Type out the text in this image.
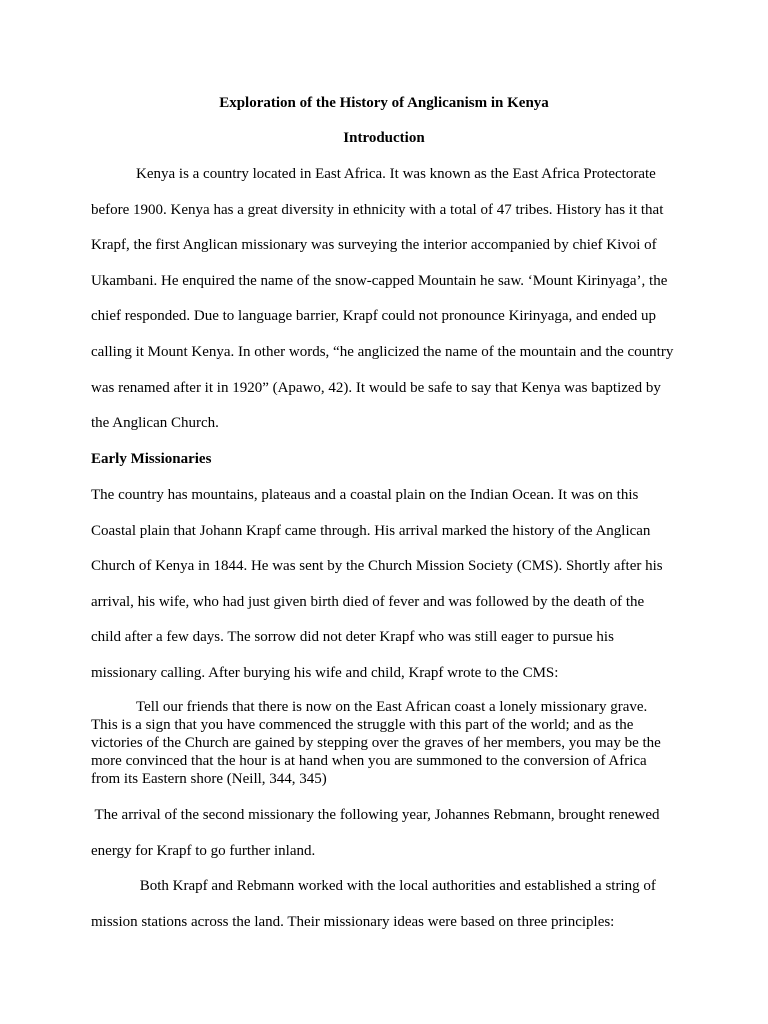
Exploration of the History of Anglicanism in Kenya

Introduction

Kenya is a country located in East Africa. It was known as the East Africa Protectorate

before 1900. Kenya has a great diversity in ethnicity with a total of 47 tribes. History has it that

Krapf, the first Anglican missionary was surveying the interior accompanied by chief Kivoi of

Ukambani. He enquired the name of the snow-capped Mountain he saw. ‘Mount Kirinyaga’, the

chief responded. Due to language barrier, Krapf could not pronounce Kirinyaga, and ended up

calling it Mount Kenya. In other words, “he anglicized the name of the mountain and the country

was renamed after it in 1920” (Apawo, 42). It would be safe to say that Kenya was baptized by

the Anglican Church.

Early Missionaries

The country has mountains, plateaus and a coastal plain on the Indian Ocean. It was on this

Coastal plain that Johann Krapf came through. His arrival marked the history of the Anglican

Church of Kenya in 1844. He was sent by the Church Mission Society (CMS). Shortly after his

arrival, his wife, who had just given birth died of fever and was followed by the death of the

child after a few days. The sorrow did not deter Krapf who was still eager to pursue his

missionary calling. After burying his wife and child, Krapf wrote to the CMS:

Tell our friends that there is now on the East African coast a lonely missionary grave.

This is a sign that you have commenced the struggle with this part of the world; and as the

victories of the Church are gained by stepping over the graves of her members, you may be the

more convinced that the hour is at hand when you are summoned to the conversion of Africa

from its Eastern shore (Neill, 344, 345)

The arrival of the second missionary the following year, Johannes Rebmann, brought renewed

energy for Krapf to go further inland.

Both Krapf and Rebmann worked with the local authorities and established a string of

mission stations across the land. Their missionary ideas were based on three principles:
